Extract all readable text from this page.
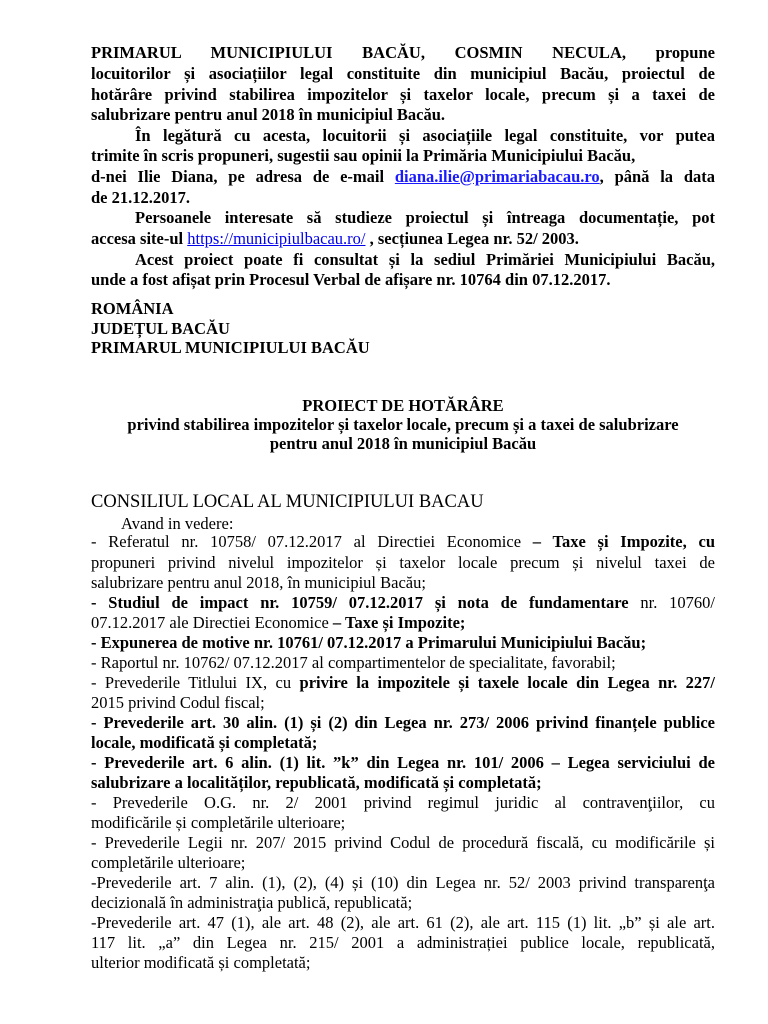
PRIMARUL MUNICIPIULUI BACĂU, COSMIN NECULA, propune
locuitorilor și asociațiilor legal constituite din municipiul Bacău, proiectul de
hotărâre privind stabilirea impozitelor și taxelor locale, precum și a taxei de
salubrizare pentru anul 2018 în municipiul Bacău.
În legătură cu acesta, locuitorii și asociațiile legal constituite, vor putea
trimite în scris propuneri, sugestii sau opinii la Primăria Municipiului Bacău,
d-nei Ilie Diana, pe adresa de e-mail diana.ilie@primariabacau.ro, până la data
de 21.12.2017.
Persoanele interesate să studieze proiectul și întreaga documentație, pot
accesa site-ul https://municipiulbacau.ro/ , secțiunea Legea nr. 52/ 2003.
Acest proiect poate fi consultat și la sediul Primăriei Municipiului Bacău,
unde a fost afișat prin Procesul Verbal de afișare nr. 10764 din 07.12.2017.
ROMÂNIA
JUDEȚUL BACĂU
PRIMARUL MUNICIPIULUI BACĂU
PROIECT DE HOTĂRÂRE
privind stabilirea impozitelor și taxelor locale, precum și a taxei de salubrizare
pentru anul 2018 în municipiul Bacău
CONSILIUL LOCAL AL MUNICIPIULUI BACAU
Avand in vedere:
- Referatul nr. 10758/ 07.12.2017 al Directiei Economice – Taxe și Impozite, cu
propuneri privind nivelul impozitelor și taxelor locale precum și nivelul taxei de
salubrizare pentru anul 2018, în municipiul Bacău;
- Studiul de impact nr. 10759/ 07.12.2017 și nota de fundamentare nr. 10760/
07.12.2017 ale Directiei Economice – Taxe și Impozite;
- Expunerea de motive nr. 10761/ 07.12.2017 a Primarului Municipiului Bacău;
- Raportul nr. 10762/ 07.12.2017 al compartimentelor de specialitate, favorabil;
- Prevederile Titlului IX, cu privire la impozitele și taxele locale din Legea nr. 227/
2015 privind Codul fiscal;
- Prevederile art. 30 alin. (1) și (2) din Legea nr. 273/ 2006 privind finanțele publice
locale, modificată și completată;
- Prevederile art. 6 alin. (1) lit. ”k” din Legea nr. 101/ 2006 – Legea serviciului de
salubrizare a localităților, republicată, modificată și completată;
- Prevederile O.G. nr. 2/ 2001 privind regimul juridic al contravenţiilor, cu
modificările și completările ulterioare;
- Prevederile Legii nr. 207/ 2015 privind Codul de procedură fiscală, cu modificările și
completările ulterioare;
-Prevederile art. 7 alin. (1), (2), (4) și (10) din Legea nr. 52/ 2003 privind transparenţa
decizională în administraţia publică, republicată;
-Prevederile art. 47 (1), ale art. 48 (2), ale art. 61 (2), ale art. 115 (1) lit. „b” și ale art.
117 lit. „a” din Legea nr. 215/ 2001 a administrației publice locale, republicată,
ulterior modificată și completată;
